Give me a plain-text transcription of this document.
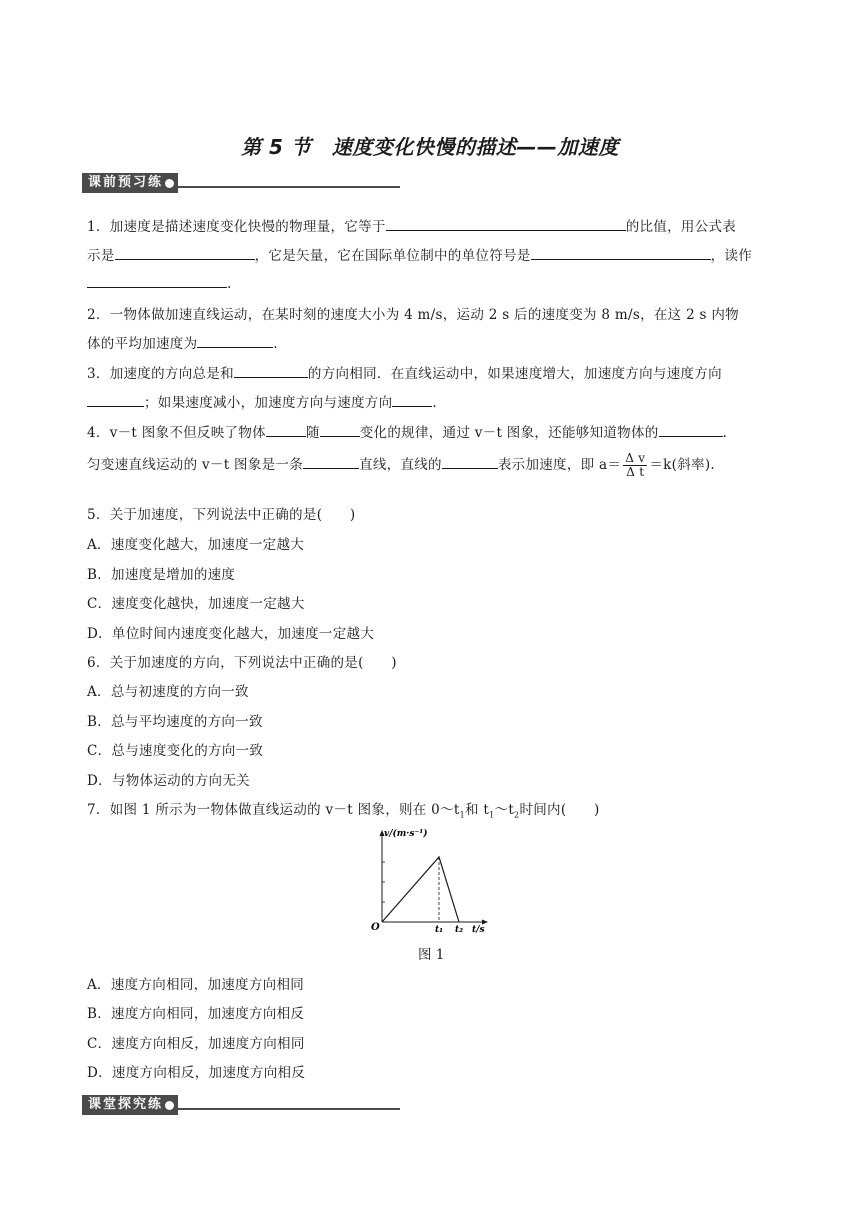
第 5 节　速度变化快慢的描述——加速度
课前预习练
1．加速度是描述速度变化快慢的物理量，它等于	的比值，用公式表
示是	，它是矢量，它在国际单位制中的单位符号是	，读作
.
2．一物体做加速直线运动，在某时刻的速度大小为 4 m/s，运动 2 s 后的速度变为 8 m/s，在这 2 s 内物
体的平均加速度为	.
3．加速度的方向总是和	的方向相同．在直线运动中，如果速度增大，加速度方向与速度方向
；如果速度减小，加速度方向与速度方向	.
4．v－t 图象不但反映了物体	随	变化的规律，通过 v－t 图象，还能够知道物体的	.
匀变速直线运动的 v－t 图象是一条	直线，直线的	表示加速度，即 $a= \frac{\text{Δ v}}{\text{Δ t}} =k$(斜率).
5．关于加速度，下列说法中正确的是(　　)
A．速度变化越大，加速度一定越大
B．加速度是增加的速度
C．速度变化越快，加速度一定越大
D．单位时间内速度变化越大，加速度一定越大
6．关于加速度的方向，下列说法中正确的是(　　)
A．总与初速度的方向一致
B．总与平均速度的方向一致
C．总与速度变化的方向一致
D．与物体运动的方向无关
7．如图 1 所示为一物体做直线运动的 v－t 图象，则在 $0\sim t_1$和 $t_1\sim t_2$时间内(　　)
v/(m·s⁻¹)
t/s
O	t₁ t₂
图 1
A．速度方向相同，加速度方向相同
B．速度方向相同，加速度方向相反
C．速度方向相反，加速度方向相同
D．速度方向相反，加速度方向相反
课堂探究练
